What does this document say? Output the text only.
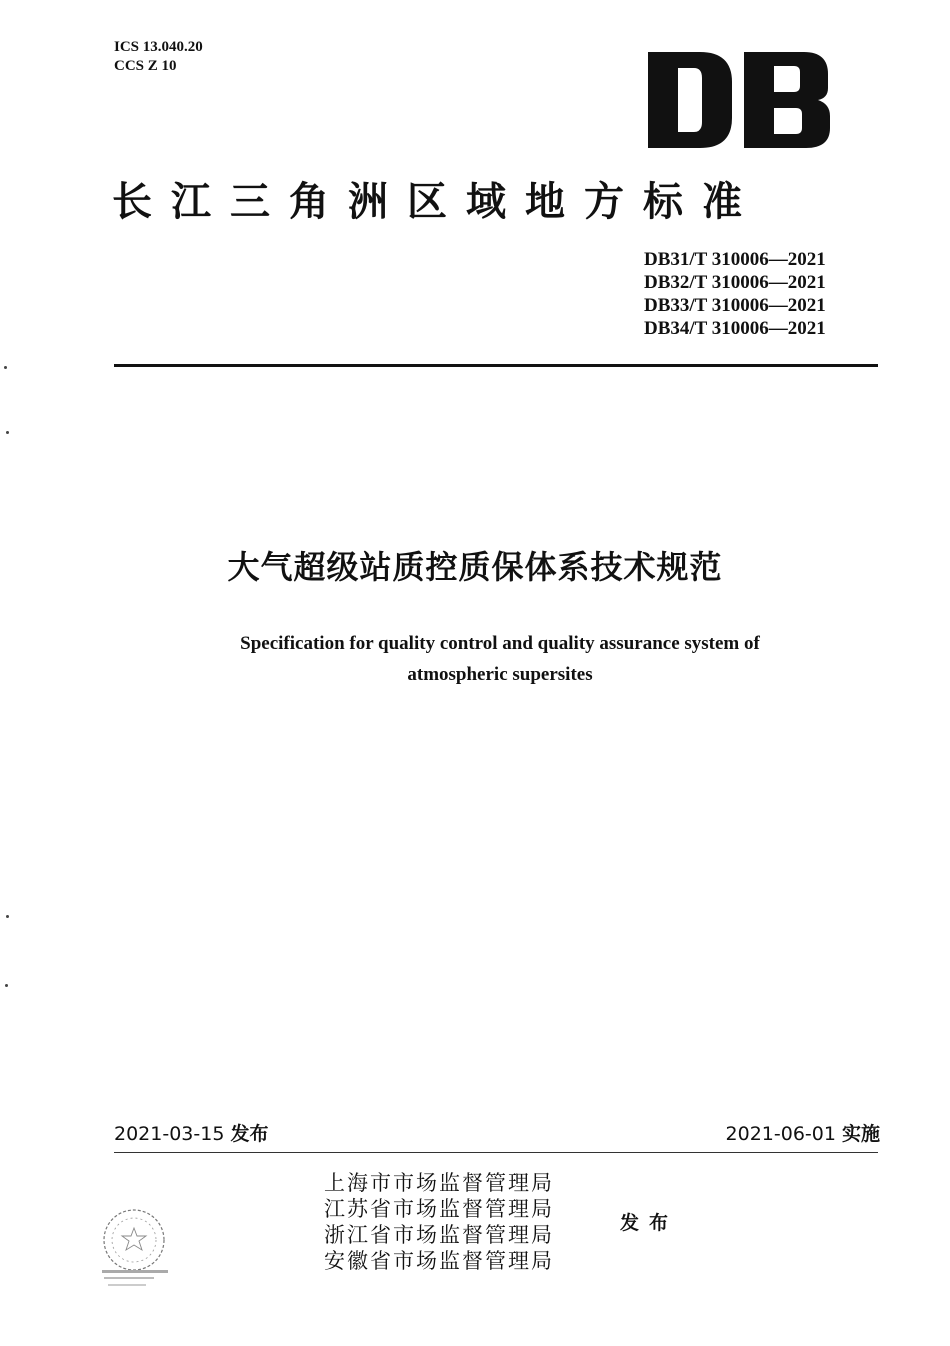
ICS 13.040.20
CCS Z 10
长江三角洲区域地方标准
DB31/T 310006—2021
DB32/T 310006—2021
DB33/T 310006—2021
DB34/T 310006—2021
大气超级站质控质保体系技术规范
Specification for quality control and quality assurance system of
atmospheric supersites
2021-03-15 发布	2021-06-01 实施
上海市市场监督管理局
江苏省市场监督管理局
浙江省市场监督管理局
安徽省市场监督管理局
发布
